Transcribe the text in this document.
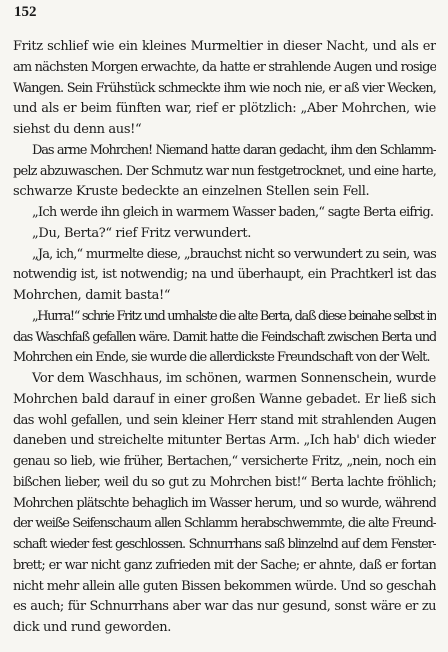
152
Fritz schlief wie ein kleines Murmeltier in dieser Nacht, und als er
am nächsten Morgen erwachte, da hatte er strahlende Augen und rosige
Wangen. Sein Frühstück schmeckte ihm wie noch nie, er aß vier Wecken,
und als er beim fünften war, rief er plötzlich: „Aber Mohrchen, wie
siehst du denn aus!“
Das arme Mohrchen! Niemand hatte daran gedacht, ihm den Schlamm-
pelz abzuwaschen. Der Schmutz war nun festgetrocknet, und eine harte,
schwarze Kruste bedeckte an einzelnen Stellen sein Fell.
„Ich werde ihn gleich in warmem Wasser baden,“ sagte Berta eifrig.
„Du, Berta?“ rief Fritz verwundert.
„Ja, ich,“ murmelte diese, „brauchst nicht so verwundert zu sein, was
notwendig ist, ist notwendig; na und überhaupt, ein Prachtkerl ist das
Mohrchen, damit basta!“
„Hurra!“ schrie Fritz und umhalste die alte Berta, daß diese beinahe selbst in
das Waschfaß gefallen wäre. Damit hatte die Feindschaft zwischen Berta und
Mohrchen ein Ende, sie wurde die allerdickste Freundschaft von der Welt.
Vor dem Waschhaus, im schönen, warmen Sonnenschein, wurde
Mohrchen bald darauf in einer großen Wanne gebadet. Er ließ sich
das wohl gefallen, und sein kleiner Herr stand mit strahlenden Augen
daneben und streichelte mitunter Bertas Arm. „Ich hab' dich wieder
genau so lieb, wie früher, Bertachen,“ versicherte Fritz, „nein, noch ein
bißchen lieber, weil du so gut zu Mohrchen bist!“ Berta lachte fröhlich;
Mohrchen plätschte behaglich im Wasser herum, und so wurde, während
der weiße Seifenschaum allen Schlamm herabschwemmte, die alte Freund-
schaft wieder fest geschlossen. Schnurrhans saß blinzelnd auf dem Fenster-
brett; er war nicht ganz zufrieden mit der Sache; er ahnte, daß er fortan
nicht mehr allein alle guten Bissen bekommen würde. Und so geschah
es auch; für Schnurrhans aber war das nur gesund, sonst wäre er zu
dick und rund geworden.
